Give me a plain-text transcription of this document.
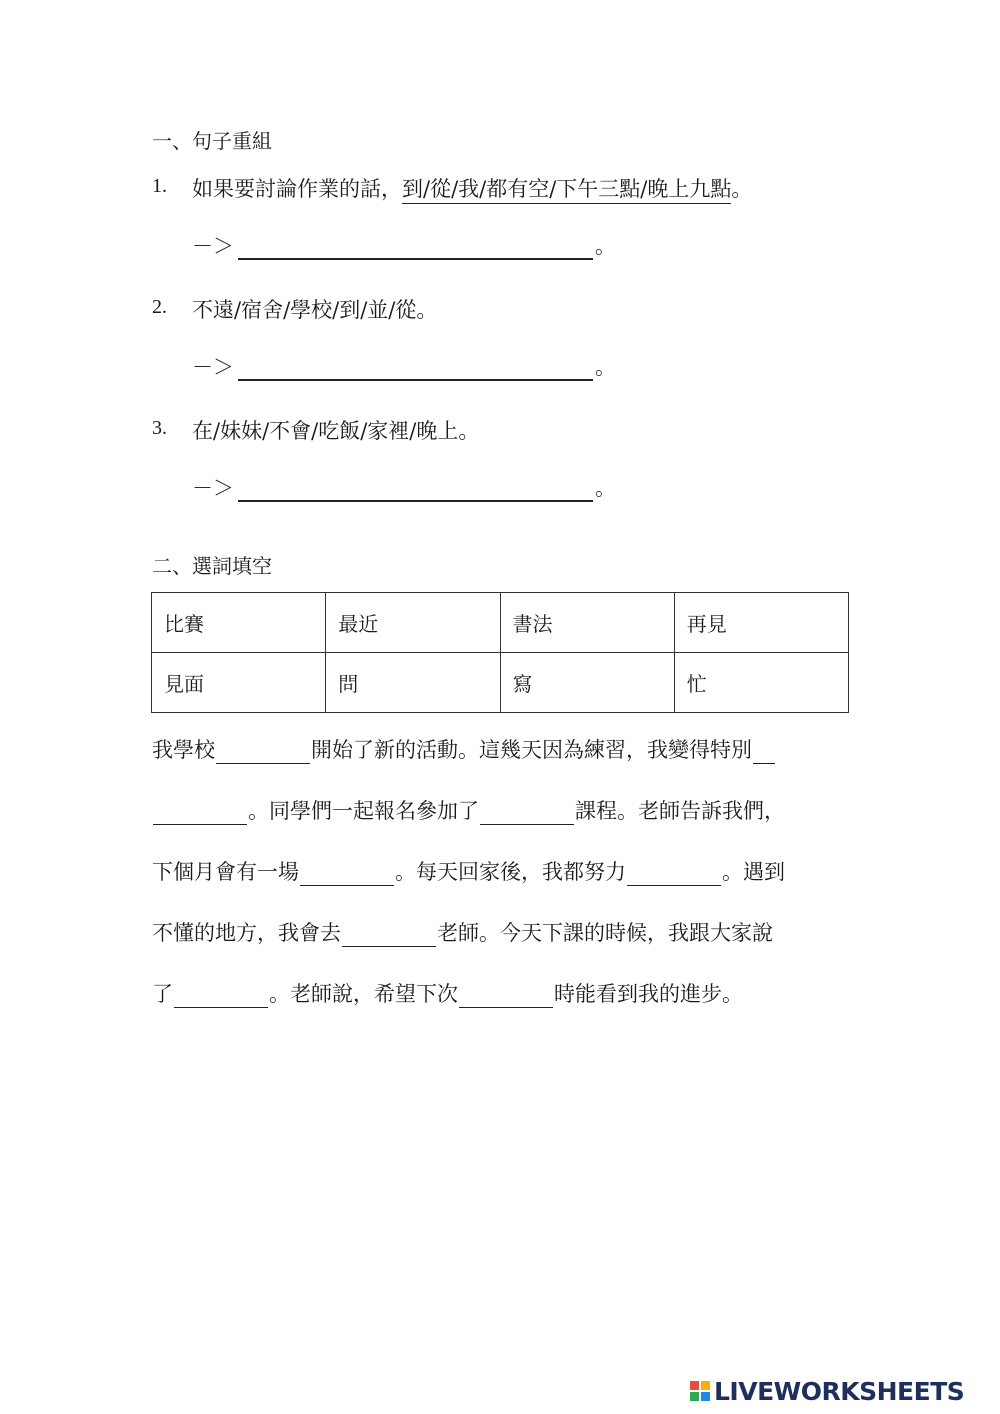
一、句子重組
1. 如果要討論作業的話，到/從/我/都有空/下午三點/晚上九點。
－＞	。
2. 不遠/宿舍/學校/到/並/從。
－＞	。
3. 在/妹妹/不會/吃飯/家裡/晚上。
－＞	。
二、選詞填空
比賽	最近	書法	再見
見面	問	寫	忙
我學校	開始了新的活動。這幾天因為練習，我變得特別
。同學們一起報名參加了	課程。老師告訴我們，
下個月會有一場	。每天回家後，我都努力	。遇到
不懂的地方，我會去	老師。今天下課的時候，我跟大家說
了	。老師說，希望下次	時能看到我的進步。
LIVEWORKSHEETS
